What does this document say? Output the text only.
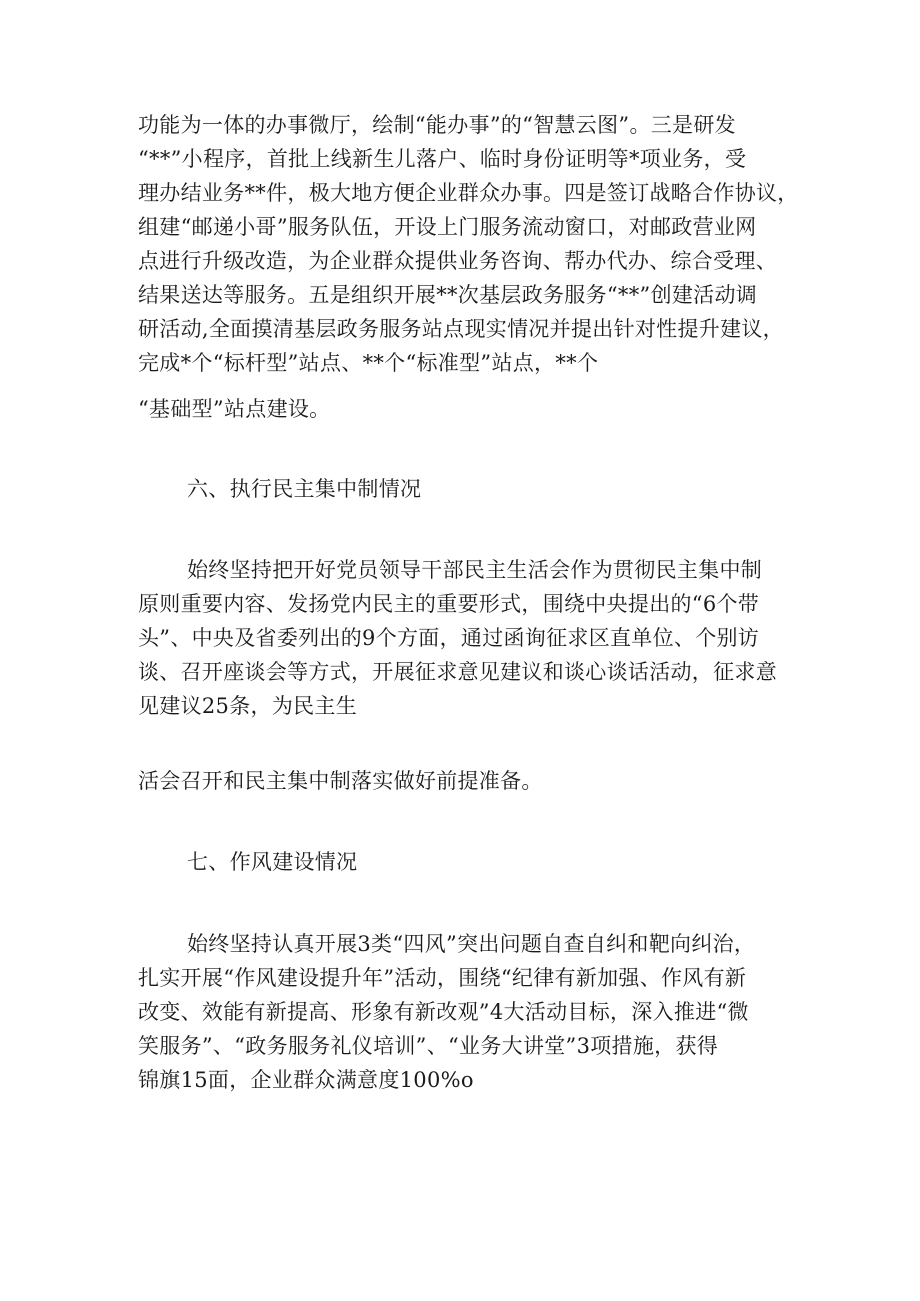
功能为一体的办事微厅，绘制“能办事”的“智慧云图”。三是研发
“**”小程序，首批上线新生儿落户、临时身份证明等*项业务，受
理办结业务**件，极大地方便企业群众办事。四是签订战略合作协议，
组建“邮递小哥”服务队伍，开设上门服务流动窗口，对邮政营业网
点进行升级改造，为企业群众提供业务咨询、帮办代办、综合受理、
结果送达等服务。五是组织开展**次基层政务服务“**”创建活动调
研活动,全面摸清基层政务服务站点现实情况并提出针对性提升建议，
完成*个“标杆型”站点、**个“标准型”站点，**个
“基础型”站点建设。
六、执行民主集中制情况
始终坚持把开好党员领导干部民主生活会作为贯彻民主集中制
原则重要内容、发扬党内民主的重要形式，围绕中央提出的“6个带
头”、中央及省委列出的9个方面，通过函询征求区直单位、个别访
谈、召开座谈会等方式，开展征求意见建议和谈心谈话活动，征求意
见建议25条，为民主生
活会召开和民主集中制落实做好前提准备。
七、作风建设情况
始终坚持认真开展3类“四风”突出问题自查自纠和靶向纠治，
扎实开展“作风建设提升年”活动，围绕“纪律有新加强、作风有新
改变、效能有新提高、形象有新改观”4大活动目标，深入推进“微
笑服务”、“政务服务礼仪培训”、“业务大讲堂”3项措施，获得
锦旗15面，企业群众满意度100%o
